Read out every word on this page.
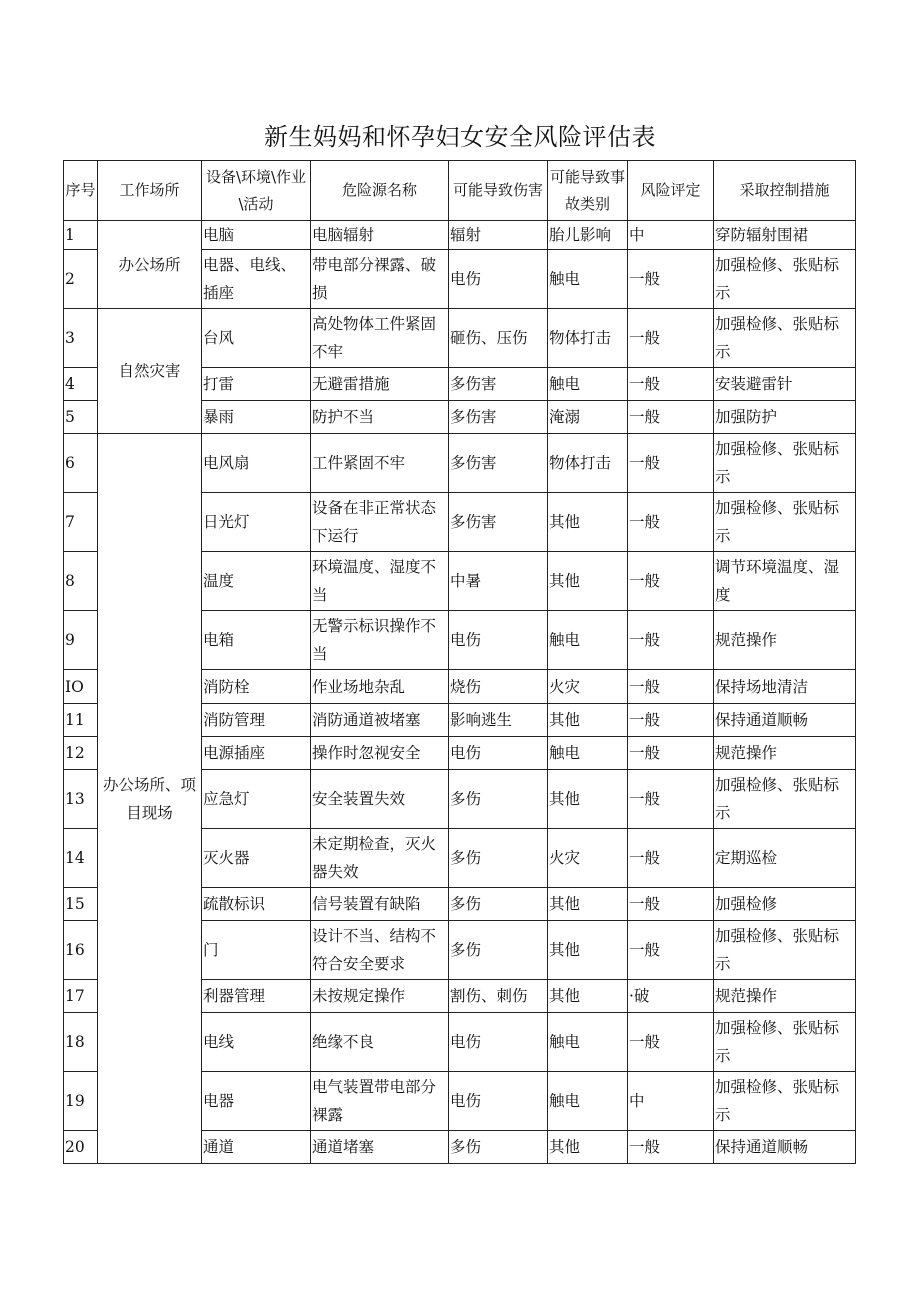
新生妈妈和怀孕妇女安全风险评估表
序号	工作场所	设备\环境\作业\活动	危险源名称	可能导致伤害	可能导致事故类别	风险评定	采取控制措施
1	办公场所	电脑	电脑辐射	辐射	胎儿影响	中	穿防辐射围裙
2		电器、电线、插座	带电部分裸露、破损	电伤	触电	一般	加强检修、张贴标示
3	自然灾害	台风	高处物体工件紧固不牢	砸伤、压伤	物体打击	一般	加强检修、张贴标示
4		打雷	无避雷措施	多伤害	触电	一般	安装避雷针
5		暴雨	防护不当	多伤害	淹溺	一般	加强防护
6	办公场所、项目现场	电风扇	工件紧固不牢	多伤害	物体打击	一般	加强检修、张贴标示
7		日光灯	设备在非正常状态下运行	多伤害	其他	一般	加强检修、张贴标示
8		温度	环境温度、湿度不当	中暑	其他	一般	调节环境温度、湿度
9		电箱	无警示标识操作不当	电伤	触电	一般	规范操作
IO		消防栓	作业场地杂乱	烧伤	火灾	一般	保持场地清洁
11		消防管理	消防通道被堵塞	影响逃生	其他	一般	保持通道顺畅
12		电源插座	操作时忽视安全	电伤	触电	一般	规范操作
13		应急灯	安全装置失效	多伤	其他	一般	加强检修、张贴标示
14		灭火器	未定期检查，灭火器失效	多伤	火灾	一般	定期巡检
15		疏散标识	信号装置有缺陷	多伤	其他	一般	加强检修
16		门	设计不当、结构不符合安全要求	多伤	其他	一般	加强检修、张贴标示
17		利器管理	未按规定操作	割伤、刺伤	其他	·破	规范操作
18		电线	绝缘不良	电伤	触电	一般	加强检修、张贴标示
19		电器	电气装置带电部分裸露	电伤	触电	中	加强检修、张贴标示
20		通道	通道堵塞	多伤	其他	一般	保持通道顺畅
